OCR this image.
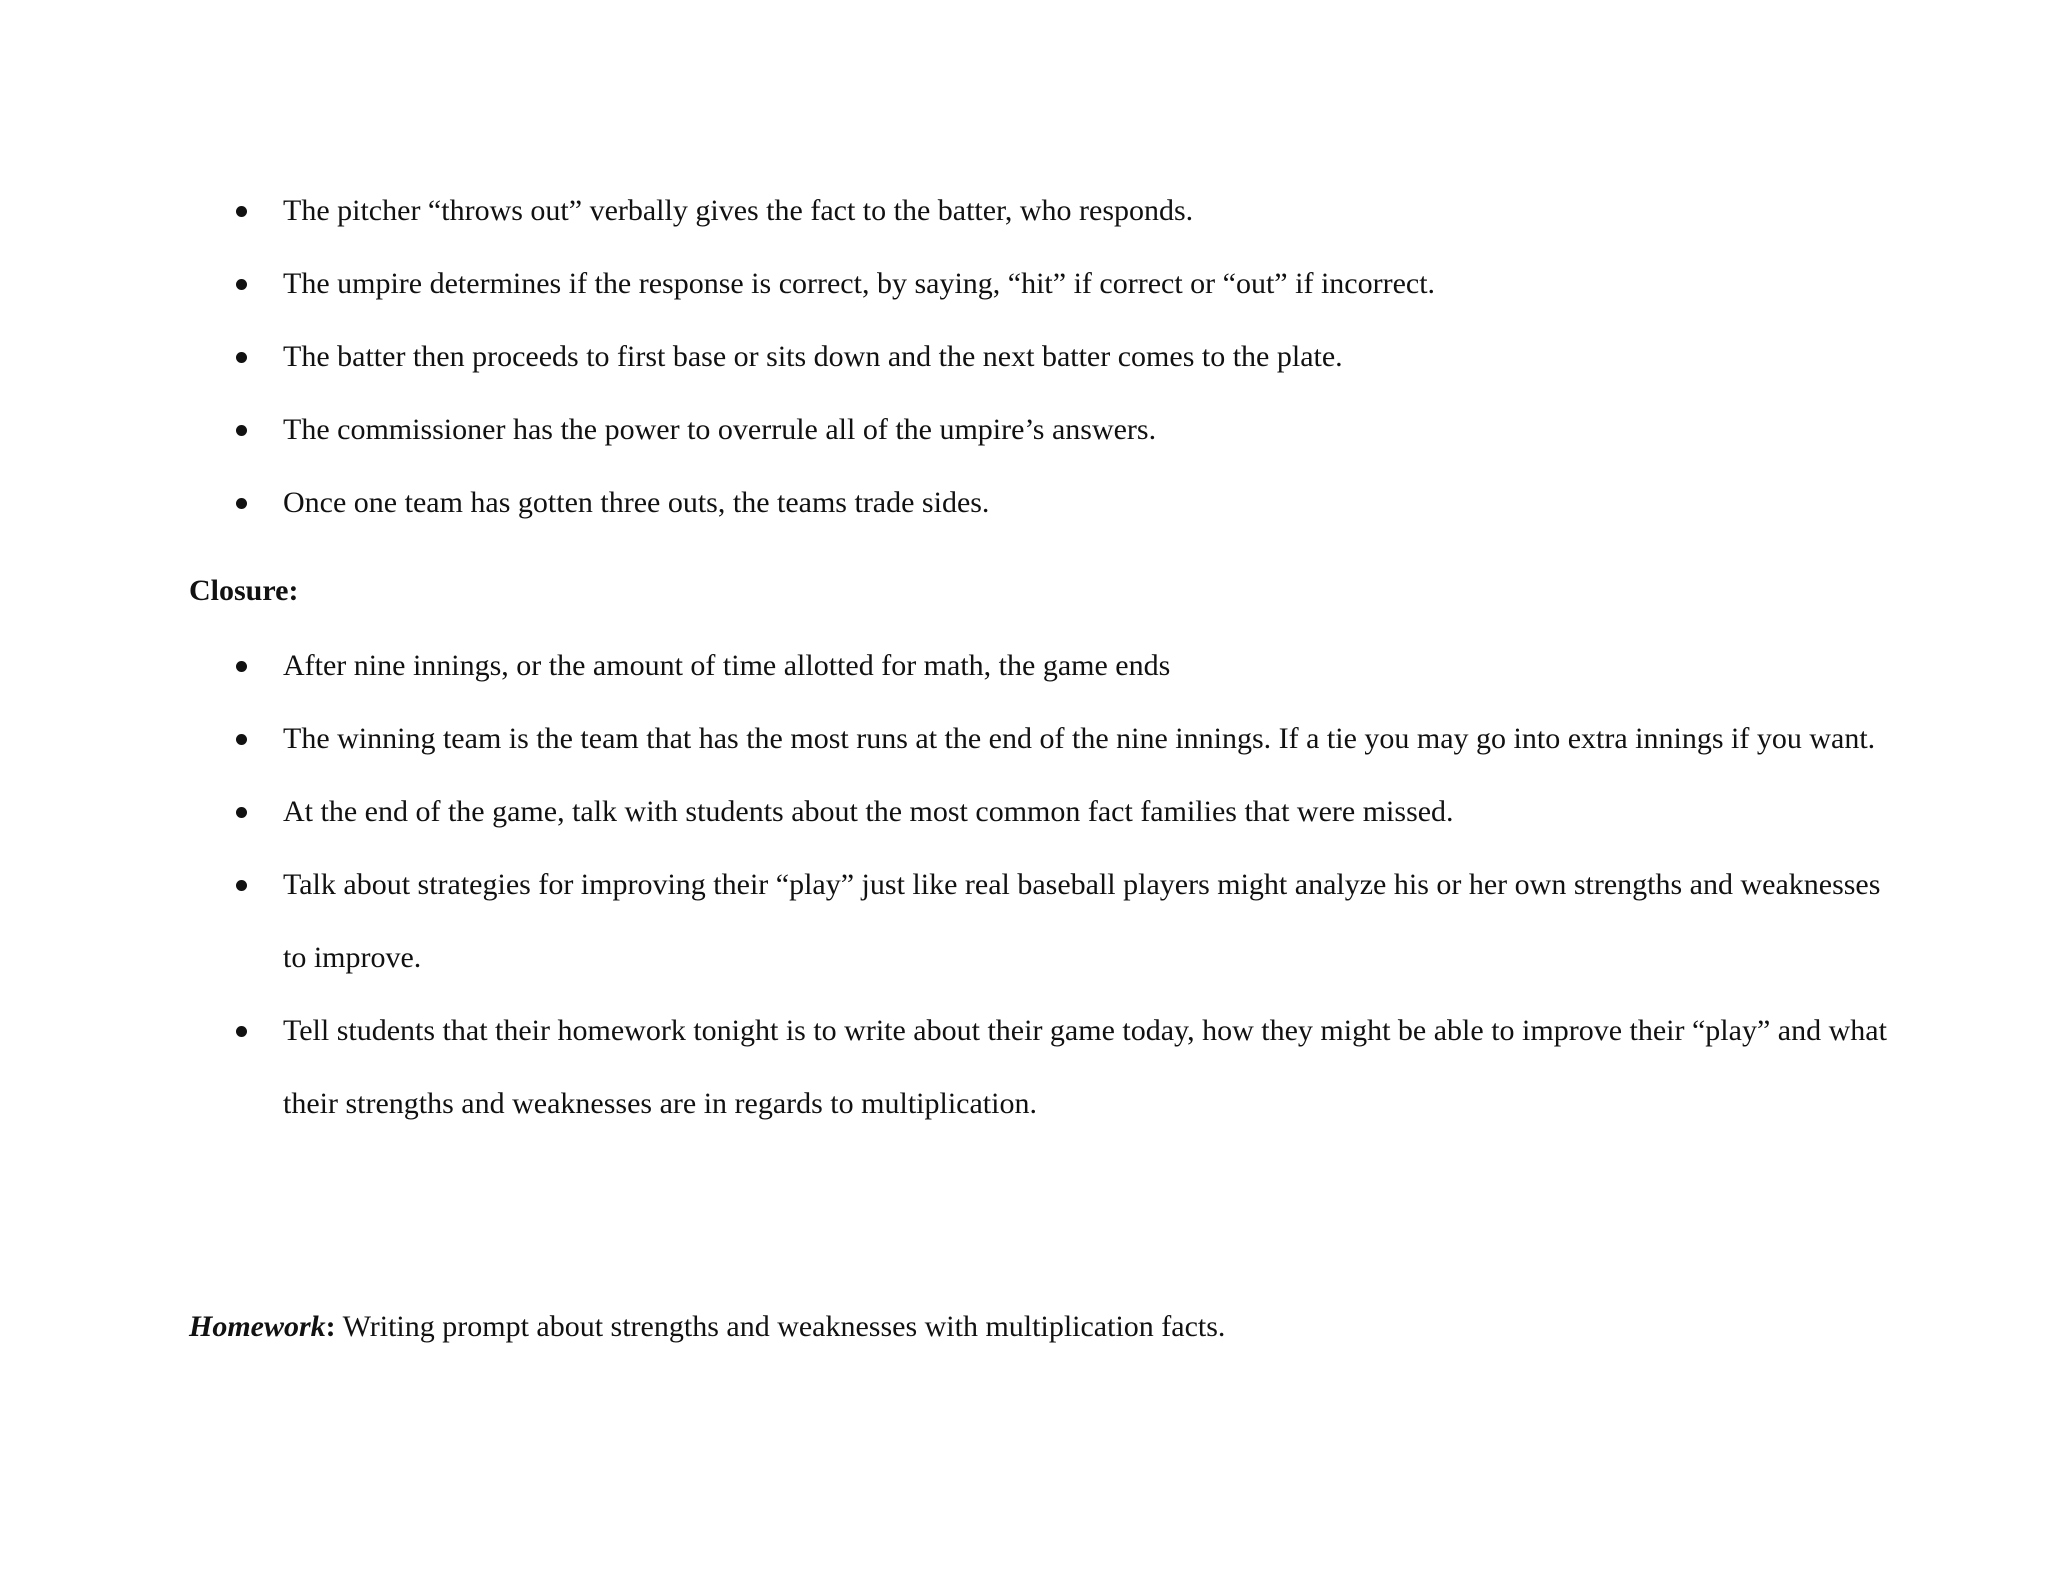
The pitcher “throws out” verbally gives the fact to the batter, who responds.
The umpire determines if the response is correct, by saying, “hit” if correct or “out” if incorrect.
The batter then proceeds to first base or sits down and the next batter comes to the plate.
The commissioner has the power to overrule all of the umpire’s answers.
Once one team has gotten three outs, the teams trade sides.

Closure:

After nine innings, or the amount of time allotted for math, the game ends
The winning team is the team that has the most runs at the end of the nine innings. If a tie you may go into extra innings if you want.
At the end of the game, talk with students about the most common fact families that were missed.
Talk about strategies for improving their “play” just like real baseball players might analyze his or her own strengths and weaknesses to improve.
Tell students that their homework tonight is to write about their game today, how they might be able to improve their “play” and what their strengths and weaknesses are in regards to multiplication.

Homework: Writing prompt about strengths and weaknesses with multiplication facts.
